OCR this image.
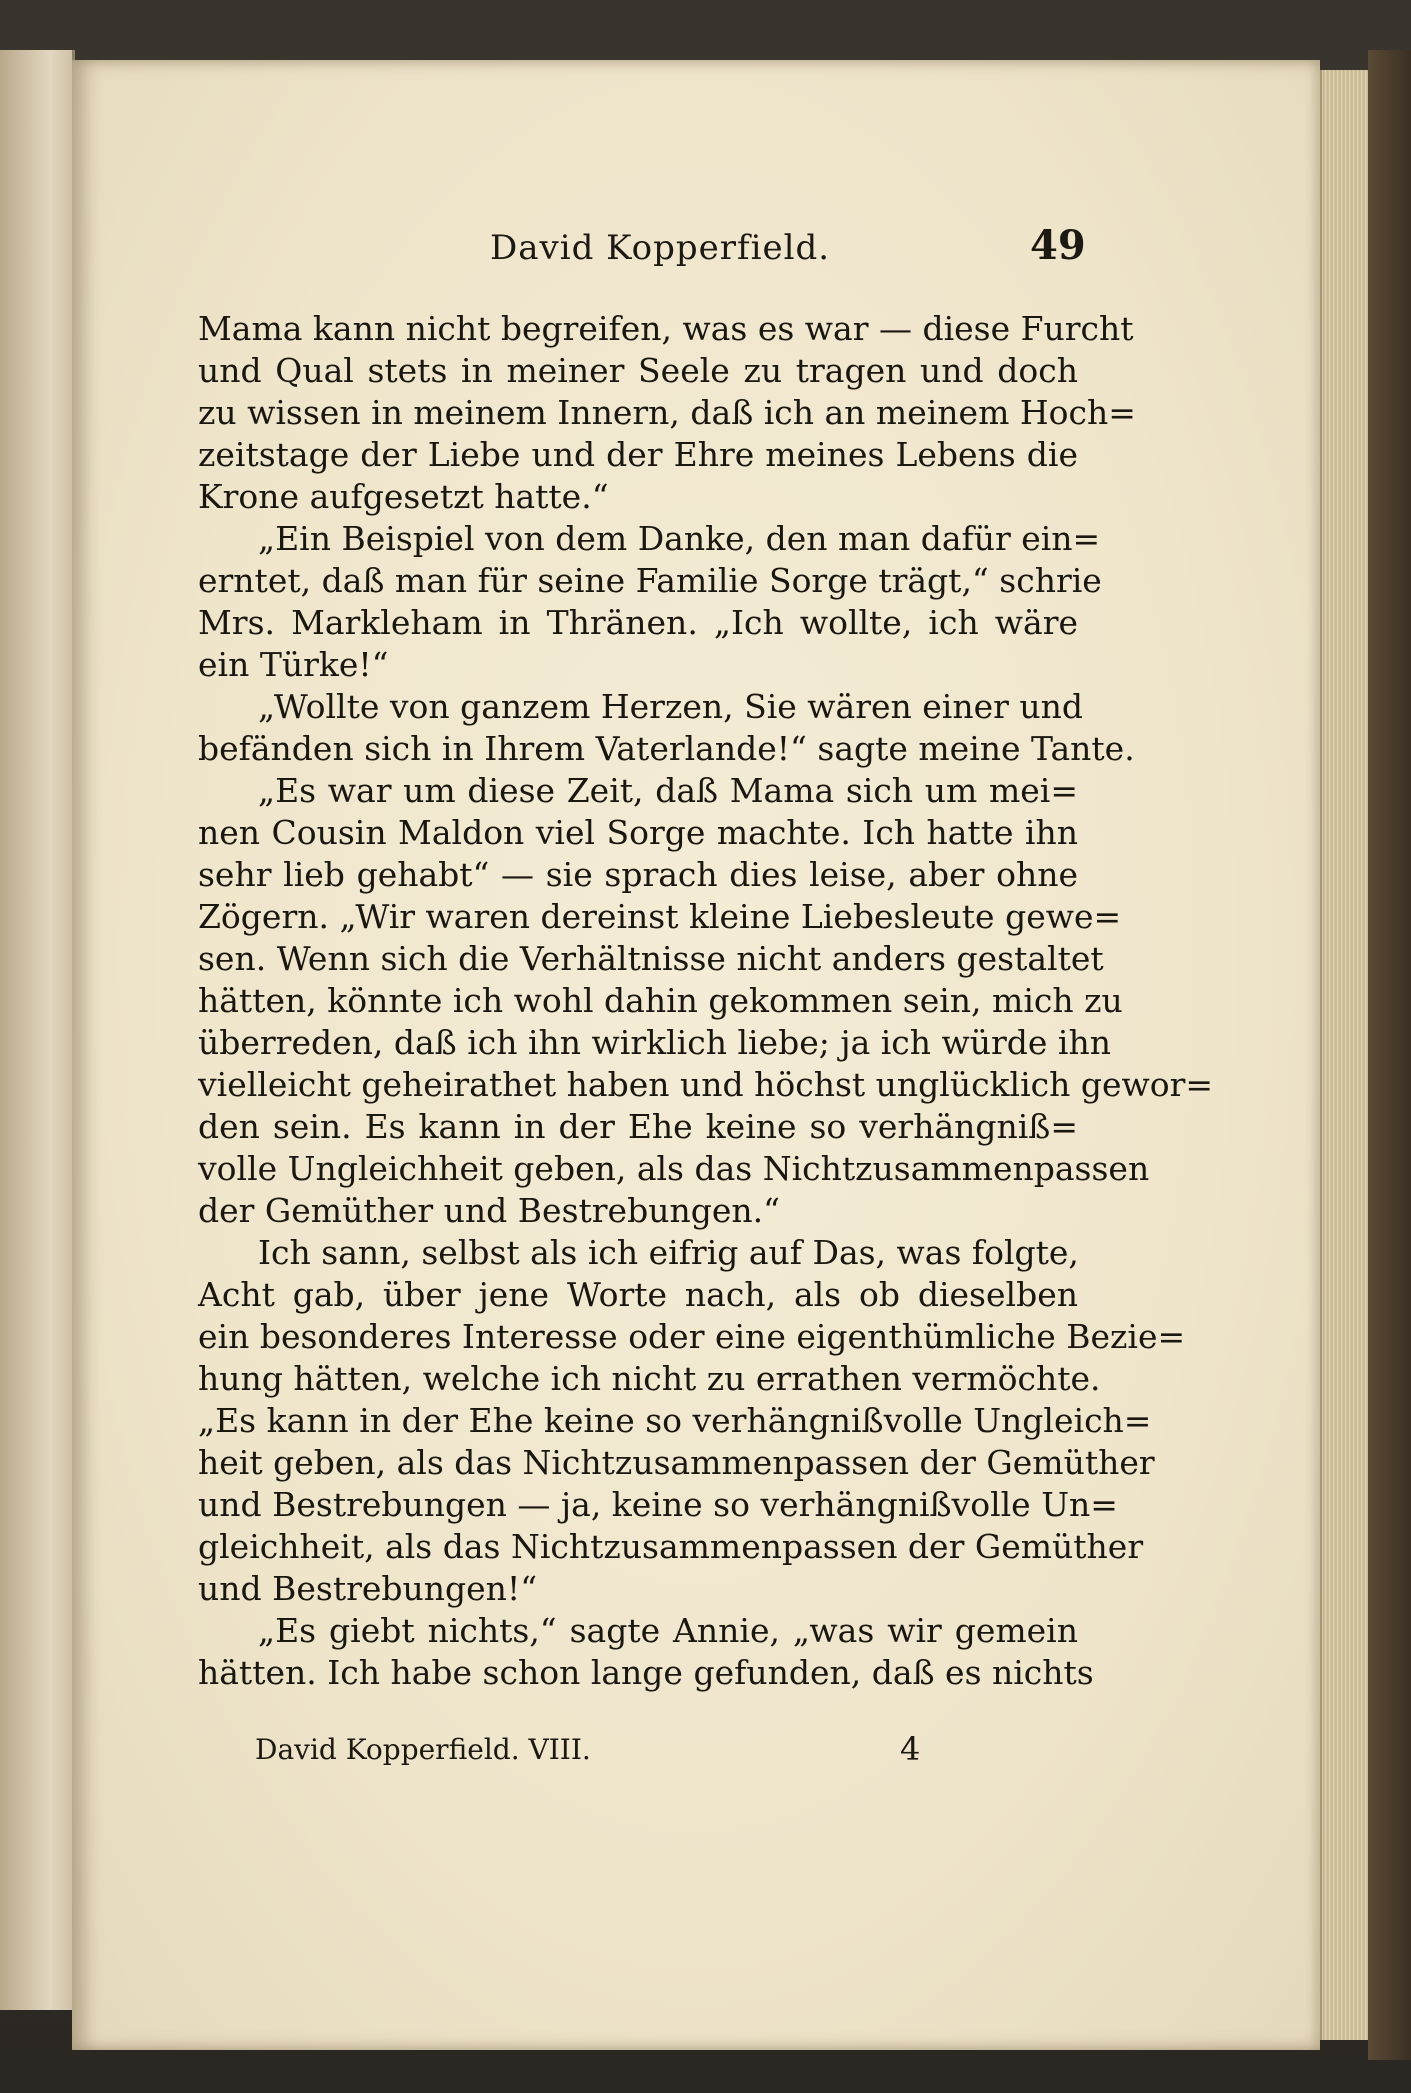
David Kopperfield.	49
Mama kann nicht begreifen, was es war — diese Furcht
und Qual stets in meiner Seele zu tragen und doch
zu wissen in meinem Innern, daß ich an meinem Hoch=
zeitstage der Liebe und der Ehre meines Lebens die
Krone aufgesetzt hatte.“
„Ein Beispiel von dem Danke, den man dafür ein=
erntet, daß man für seine Familie Sorge trägt,“ schrie
Mrs. Markleham in Thränen. „Ich wollte, ich wäre
ein Türke!“
„Wollte von ganzem Herzen, Sie wären einer und
befänden sich in Ihrem Vaterlande!“ sagte meine Tante.
„Es war um diese Zeit, daß Mama sich um mei=
nen Cousin Maldon viel Sorge machte. Ich hatte ihn
sehr lieb gehabt“ — sie sprach dies leise, aber ohne
Zögern. „Wir waren dereinst kleine Liebesleute gewe=
sen. Wenn sich die Verhältnisse nicht anders gestaltet
hätten, könnte ich wohl dahin gekommen sein, mich zu
überreden, daß ich ihn wirklich liebe; ja ich würde ihn
vielleicht geheirathet haben und höchst unglücklich gewor=
den sein. Es kann in der Ehe keine so verhängniß=
volle Ungleichheit geben, als das Nichtzusammenpassen
der Gemüther und Bestrebungen.“
Ich sann, selbst als ich eifrig auf Das, was folgte,
Acht gab, über jene Worte nach, als ob dieselben
ein besonderes Interesse oder eine eigenthümliche Bezie=
hung hätten, welche ich nicht zu errathen vermöchte.
„Es kann in der Ehe keine so verhängnißvolle Ungleich=
heit geben, als das Nichtzusammenpassen der Gemüther
und Bestrebungen — ja, keine so verhängnißvolle Un=
gleichheit, als das Nichtzusammenpassen der Gemüther
und Bestrebungen!“
„Es giebt nichts,“ sagte Annie, „was wir gemein
hätten. Ich habe schon lange gefunden, daß es nichts
David Kopperfield. VIII.	4
